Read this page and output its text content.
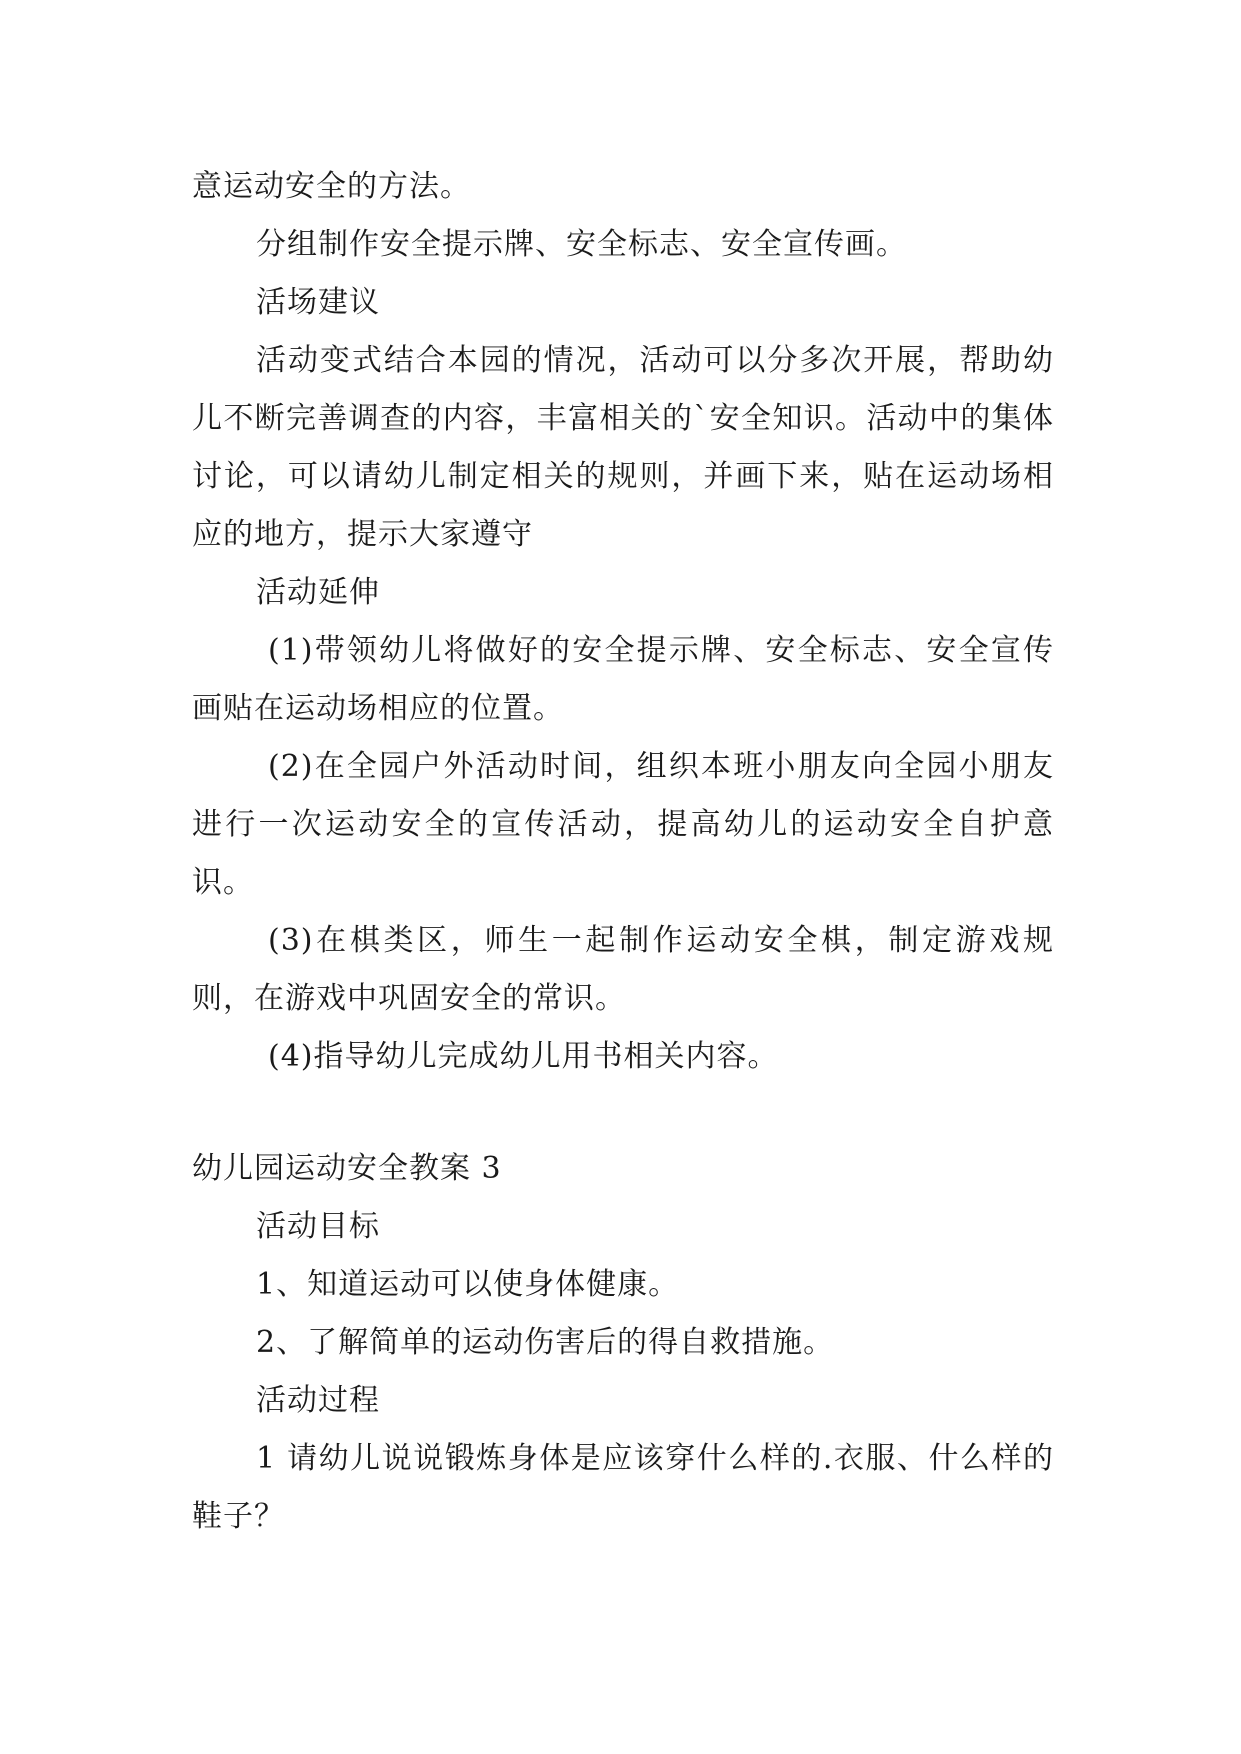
意运动安全的方法。
分组制作安全提示牌、安全标志、安全宣传画。
活场建议
活动变式结合本园的情况，活动可以分多次开展，帮助幼儿不断完善调查的内容，丰富相关的`安全知识。活动中的集体讨论，可以请幼儿制定相关的规则，并画下来，贴在运动场相应的地方，提示大家遵守
活动延伸
(1)带领幼儿将做好的安全提示牌、安全标志、安全宣传画贴在运动场相应的位置。
(2)在全园户外活动时间，组织本班小朋友向全园小朋友进行一次运动安全的宣传活动，提高幼儿的运动安全自护意识。
(3)在棋类区，师生一起制作运动安全棋，制定游戏规则，在游戏中巩固安全的常识。
(4)指导幼儿完成幼儿用书相关内容。
幼儿园运动安全教案 3
活动目标
1、知道运动可以使身体健康。
2、了解简单的运动伤害后的得自救措施。
活动过程
1 请幼儿说说锻炼身体是应该穿什么样的.衣服、什么样的鞋子？
